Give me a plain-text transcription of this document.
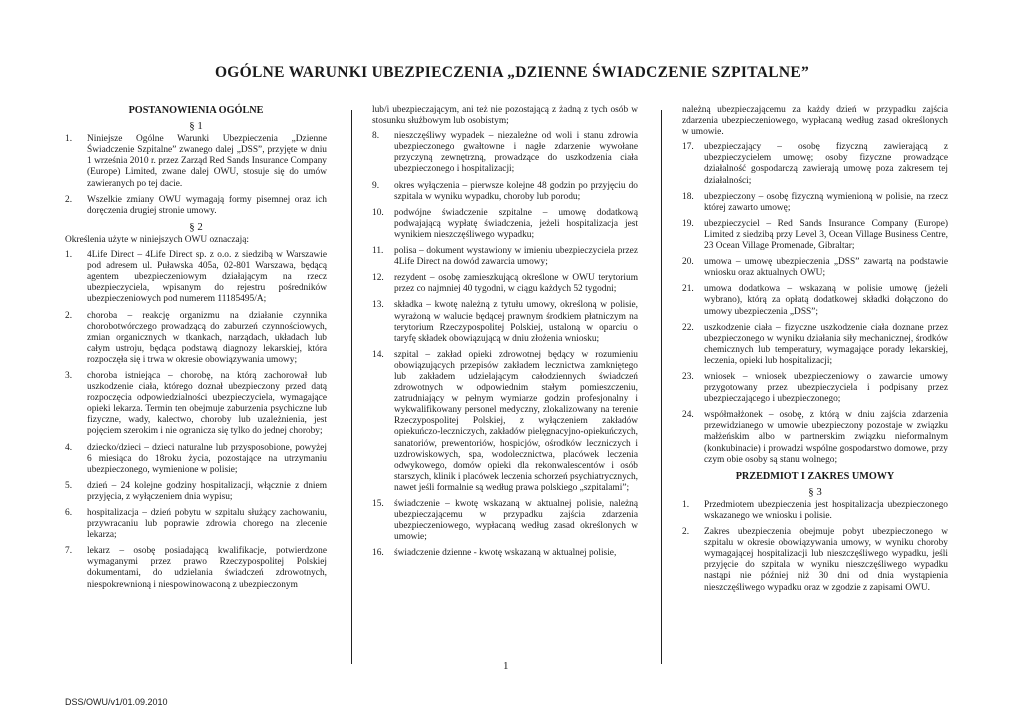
OGÓLNE WARUNKI UBEZPIECZENIA „DZIENNE ŚWIADCZENIE SZPITALNE”
POSTANOWIENIA OGÓLNE
§ 1
1.	Niniejsze Ogólne Warunki Ubezpieczenia „Dzienne Świadczenie Szpitalne” zwanego dalej „DSS”, przyjęte w dniu 1 września 2010 r. przez Zarząd Red Sands Insurance Company (Europe) Limited, zwane dalej OWU, stosuje się do umów zawieranych po tej dacie.
2.	Wszelkie zmiany OWU wymagają formy pisemnej oraz ich doręczenia drugiej stronie umowy.
§ 2
Określenia użyte w niniejszych OWU oznaczają:
1.	4Life Direct – 4Life Direct sp. z o.o. z siedzibą w Warszawie pod adresem ul. Puławska 405a, 02-801 Warszawa, będącą agentem ubezpieczeniowym działającym na rzecz ubezpieczyciela, wpisanym do rejestru pośredników ubezpieczeniowych pod numerem 11185495/A;
2.	choroba – reakcję organizmu na działanie czynnika chorobotwórczego prowadzącą do zaburzeń czynnościowych, zmian organicznych w tkankach, narządach, układach lub całym ustroju, będąca podstawą diagnozy lekarskiej, która rozpoczęła się i trwa w okresie obowiązywania umowy;
3.	choroba istniejąca – chorobę, na którą zachorował lub uszkodzenie ciała, którego doznał ubezpieczony przed datą rozpoczęcia odpowiedzialności ubezpieczyciela, wymagające opieki lekarza. Termin ten obejmuje zaburzenia psychiczne lub fizyczne, wady, kalectwo, choroby lub uzależnienia, jest pojęciem szerokim i nie ogranicza się tylko do jednej choroby;
4.	dziecko/dzieci – dzieci naturalne lub przysposobione, powyżej 6 miesiąca do 18roku życia, pozostające na utrzymaniu ubezpieczonego, wymienione w polisie;
5.	dzień – 24 kolejne godziny hospitalizacji, włącznie z dniem przyjęcia, z wyłączeniem dnia wypisu;
6.	hospitalizacja – dzień pobytu w szpitalu służący zachowaniu, przywracaniu lub poprawie zdrowia chorego na zlecenie lekarza;
7.	lekarz – osobę posiadającą kwalifikacje, potwierdzone wymaganymi przez prawo Rzeczypospolitej Polskiej dokumentami, do udzielania świadczeń zdrowotnych, niespokrewnioną i niespowinowaconą z ubezpieczonym
lub/i ubezpieczającym, ani też nie pozostającą z żadną z tych osób w stosunku służbowym lub osobistym;
8.	nieszczęśliwy wypadek – niezależne od woli i stanu zdrowia ubezpieczonego gwałtowne i nagłe zdarzenie wywołane przyczyną zewnętrzną, prowadzące do uszkodzenia ciała ubezpieczonego i hospitalizacji;
9.	okres wyłączenia – pierwsze kolejne 48 godzin po przyjęciu do szpitala w wyniku wypadku, choroby lub porodu;
10.	podwójne świadczenie szpitalne – umowę dodatkową podwajającą wypłatę świadczenia, jeżeli hospitalizacja jest wynikiem nieszczęśliwego wypadku;
11.	polisa – dokument wystawiony w imieniu ubezpieczyciela przez 4Life Direct na dowód zawarcia umowy;
12.	rezydent – osobę zamieszkującą określone w OWU terytorium przez co najmniej 40 tygodni, w ciągu każdych 52 tygodni;
13.	składka – kwotę należną z tytułu umowy, określoną w polisie, wyrażoną w walucie będącej prawnym środkiem płatniczym na terytorium Rzeczypospolitej Polskiej, ustaloną w oparciu o taryfę składek obowiązującą w dniu złożenia wniosku;
14.	szpital – zakład opieki zdrowotnej będący w rozumieniu obowiązujących przepisów zakładem lecznictwa zamkniętego lub zakładem udzielającym całodziennych świadczeń zdrowotnych w odpowiednim stałym pomieszczeniu, zatrudniający w pełnym wymiarze godzin profesjonalny i wykwalifikowany personel medyczny, zlokalizowany na terenie Rzeczypospolitej Polskiej, z wyłączeniem zakładów opiekuńczo-leczniczych, zakładów pielęgnacyjno-opiekuńczych, sanatoriów, prewentoriów, hospicjów, ośrodków leczniczych i uzdrowiskowych, spa, wodolecznictwa, placówek leczenia odwykowego, domów opieki dla rekonwalescentów i osób starszych, klinik i placówek leczenia schorzeń psychiatrycznych, nawet jeśli formalnie są według prawa polskiego „szpitalami”;
15.	świadczenie – kwotę wskazaną w aktualnej polisie, należną ubezpieczającemu w przypadku zajścia zdarzenia ubezpieczeniowego, wypłacaną według zasad określonych w umowie;
16.	świadczenie dzienne - kwotę wskazaną w aktualnej polisie,
należną ubezpieczającemu za każdy dzień w przypadku zajścia zdarzenia ubezpieczeniowego, wypłacaną według zasad określonych w umowie.
17.	ubezpieczający – osobę fizyczną zawierającą z ubezpieczycielem umowę; osoby fizyczne prowadzące działalność gospodarczą zawierają umowę poza zakresem tej działalności;
18.	ubezpieczony – osobę fizyczną wymienioną w polisie, na rzecz której zawarto umowę;
19.	ubezpieczyciel – Red Sands Insurance Company (Europe) Limited z siedzibą przy Level 3, Ocean Village Business Centre, 23 Ocean Village Promenade, Gibraltar;
20.	umowa – umowę ubezpieczenia „DSS” zawartą na podstawie wniosku oraz aktualnych OWU;
21.	umowa dodatkowa – wskazaną w polisie umowę (jeżeli wybrano), którą za opłatą dodatkowej składki dołączono do umowy ubezpieczenia „DSS”;
22.	uszkodzenie ciała – fizyczne uszkodzenie ciała doznane przez ubezpieczonego w wyniku działania siły mechanicznej, środków chemicznych lub temperatury, wymagające porady lekarskiej, leczenia, opieki lub hospitalizacji;
23.	wniosek – wniosek ubezpieczeniowy o zawarcie umowy przygotowany przez ubezpieczyciela i podpisany przez ubezpieczającego i ubezpieczonego;
24.	współmałżonek – osobę, z którą w dniu zajścia zdarzenia przewidzianego w umowie ubezpieczony pozostaje w związku małżeńskim albo w partnerskim związku nieformalnym (konkubinacie) i prowadzi wspólne gospodarstwo domowe, przy czym obie osoby są stanu wolnego;
PRZEDMIOT I ZAKRES UMOWY
§ 3
1.	Przedmiotem ubezpieczenia jest hospitalizacja ubezpieczonego wskazanego we wniosku i polisie.
2.	Zakres ubezpieczenia obejmuje pobyt ubezpieczonego w szpitalu w okresie obowiązywania umowy, w wyniku choroby wymagającej hospitalizacji lub nieszczęśliwego wypadku, jeśli przyjęcie do szpitala w wyniku nieszczęśliwego wypadku nastąpi nie później niż 30 dni od dnia wystąpienia nieszczęśliwego wypadku oraz w zgodzie z zapisami OWU.
1
DSS/OWU/v1/01.09.2010
